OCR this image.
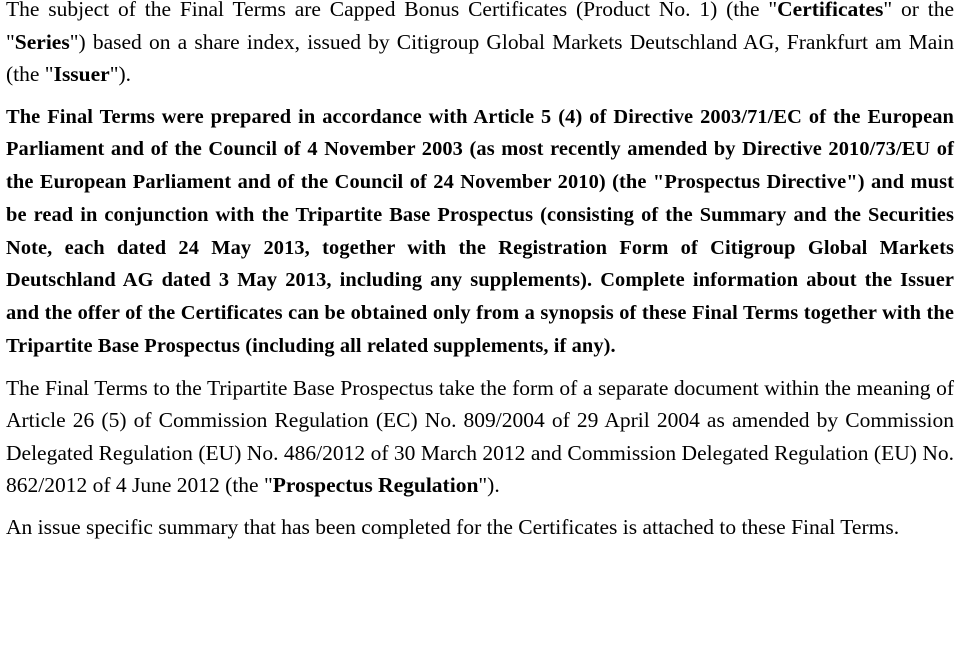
The subject of the Final Terms are Capped Bonus Certificates (Product No. 1) (the "Certificates" or the "Series") based on a share index, issued by Citigroup Global Markets Deutschland AG, Frankfurt am Main (the "Issuer").

The Final Terms were prepared in accordance with Article 5 (4) of Directive 2003/71/EC of the European Parliament and of the Council of 4 November 2003 (as most recently amended by Directive 2010/73/EU of the European Parliament and of the Council of 24 November 2010) (the "Prospectus Directive") and must be read in conjunction with the Tripartite Base Prospectus (consisting of the Summary and the Securities Note, each dated 24 May 2013, together with the Registration Form of Citigroup Global Markets Deutschland AG dated 3 May 2013, including any supplements). Complete information about the Issuer and the offer of the Certificates can be obtained only from a synopsis of these Final Terms together with the Tripartite Base Prospectus (including all related supplements, if any).

The Final Terms to the Tripartite Base Prospectus take the form of a separate document within the meaning of Article 26 (5) of Commission Regulation (EC) No. 809/2004 of 29 April 2004 as amended by Commission Delegated Regulation (EU) No. 486/2012 of 30 March 2012 and Commission Delegated Regulation (EU) No. 862/2012 of 4 June 2012 (the "Prospectus Regulation").

An issue specific summary that has been completed for the Certificates is attached to these Final Terms.
